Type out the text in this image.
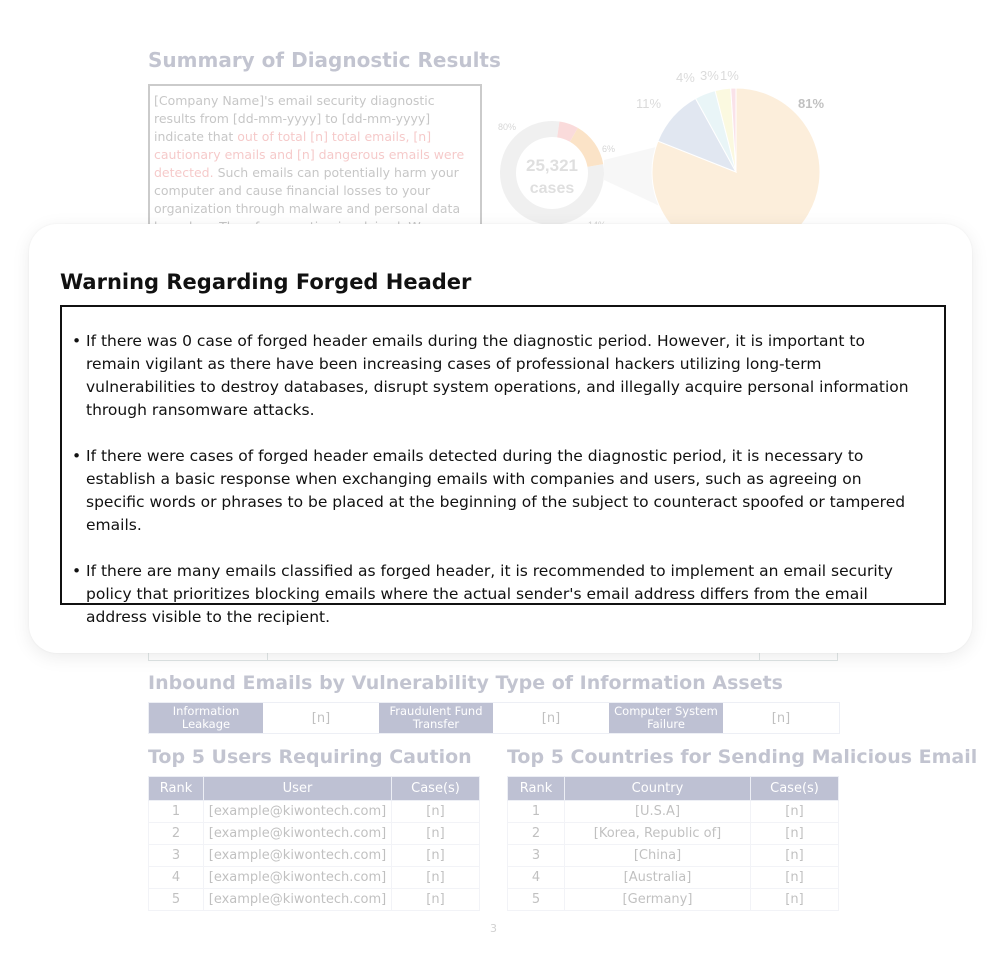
Summary of Diagnostic Results
[Company Name]'s email security diagnostic results from [dd-mm-yyyy] to [dd-mm-yyyy] indicate that out of total [n] total emails, [n] cautionary emails and [n] dangerous emails were detected. Such emails can potentially harm your computer and cause financial losses to your organization through malware and personal data
80%
6%
25,321
cases
81%
11%
4% 3% 1%
Inbound Emails by Vulnerability Type of Information Assets
Information Leakage	[n]	Fraudulent Fund Transfer	[n]	Computer System Failure	[n]
Top 5 Users Requiring Caution
Rank	User	Case(s)
1	[example@kiwontech.com]	[n]
2	[example@kiwontech.com]	[n]
3	[example@kiwontech.com]	[n]
4	[example@kiwontech.com]	[n]
5	[example@kiwontech.com]	[n]
Top 5 Countries for Sending Malicious Email
Rank	Country	Case(s)
1	[U.S.A]	[n]
2	[Korea, Republic of]	[n]
3	[China]	[n]
4	[Australia]	[n]
5	[Germany]	[n]
3
Warning Regarding Forged Header
• If there was 0 case of forged header emails during the diagnostic period. However, it is important to remain vigilant as there have been increasing cases of professional hackers utilizing long-term vulnerabilities to destroy databases, disrupt system operations, and illegally acquire personal information through ransomware attacks.
• If there were cases of forged header emails detected during the diagnostic period, it is necessary to establish a basic response when exchanging emails with companies and users, such as agreeing on specific words or phrases to be placed at the beginning of the subject to counteract spoofed or tampered emails.
• If there are many emails classified as forged header, it is recommended to implement an email security policy that prioritizes blocking emails where the actual sender's email address differs from the email address visible to the recipient.
